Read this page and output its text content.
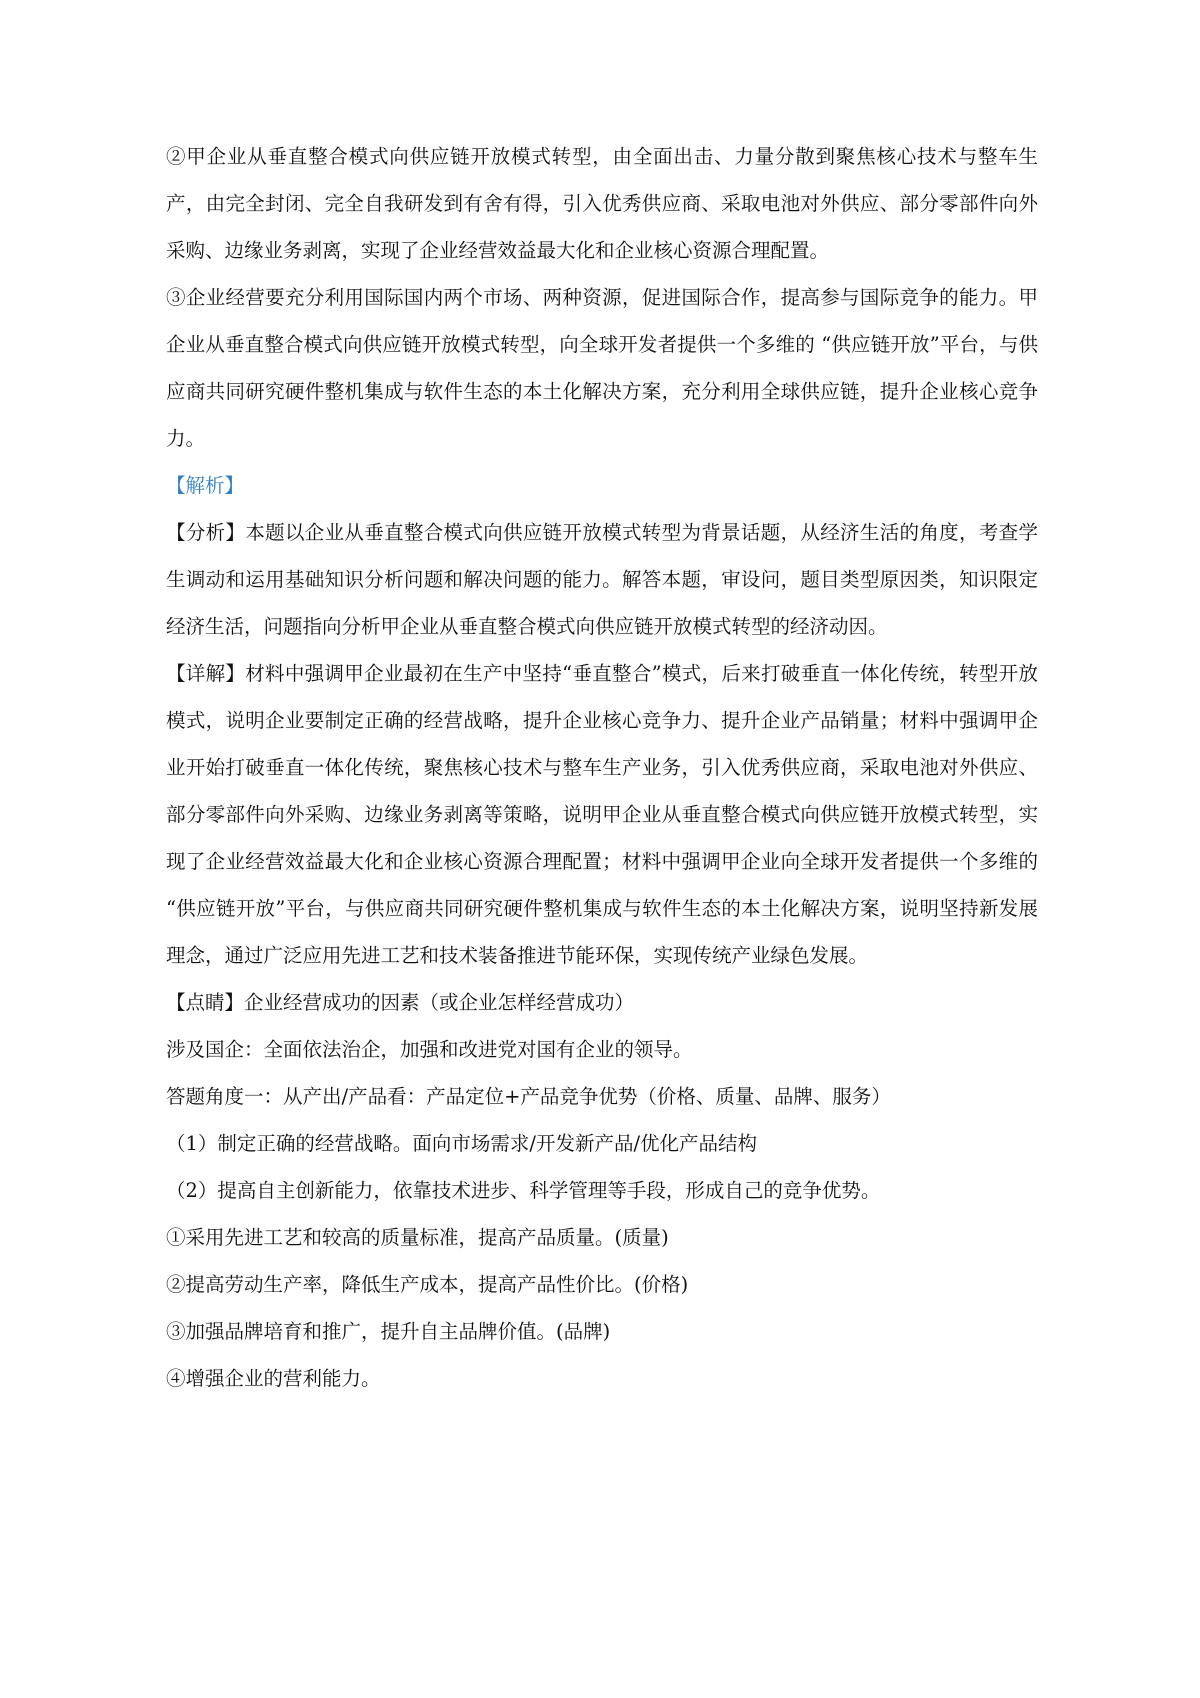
②甲企业从垂直整合模式向供应链开放模式转型，由全面出击、力量分散到聚焦核心技术与整车生产，由完全封闭、完全自我研发到有舍有得，引入优秀供应商、采取电池对外供应、部分零部件向外采购、边缘业务剥离，实现了企业经营效益最大化和企业核心资源合理配置。

③企业经营要充分利用国际国内两个市场、两种资源，促进国际合作，提高参与国际竞争的能力。甲企业从垂直整合模式向供应链开放模式转型，向全球开发者提供一个多维的 “供应链开放”平台，与供应商共同研究硬件整机集成与软件生态的本土化解决方案，充分利用全球供应链，提升企业核心竞争力。

【解析】

【分析】本题以企业从垂直整合模式向供应链开放模式转型为背景话题，从经济生活的角度，考查学生调动和运用基础知识分析问题和解决问题的能力。解答本题，审设问，题目类型原因类，知识限定经济生活，问题指向分析甲企业从垂直整合模式向供应链开放模式转型的经济动因。

【详解】材料中强调甲企业最初在生产中坚持“垂直整合”模式，后来打破垂直一体化传统，转型开放模式，说明企业要制定正确的经营战略，提升企业核心竞争力、提升企业产品销量；材料中强调甲企业开始打破垂直一体化传统，聚焦核心技术与整车生产业务，引入优秀供应商，采取电池对外供应、部分零部件向外采购、边缘业务剥离等策略，说明甲企业从垂直整合模式向供应链开放模式转型，实现了企业经营效益最大化和企业核心资源合理配置；材料中强调甲企业向全球开发者提供一个多维的 “供应链开放”平台，与供应商共同研究硬件整机集成与软件生态的本土化解决方案，说明坚持新发展理念，通过广泛应用先进工艺和技术装备推进节能环保，实现传统产业绿色发展。

【点睛】企业经营成功的因素（或企业怎样经营成功）

涉及国企：全面依法治企，加强和改进党对国有企业的领导。

答题角度一：从产出/产品看：产品定位+产品竞争优势（价格、质量、品牌、服务）

（1）制定正确的经营战略。面向市场需求/开发新产品/优化产品结构

（2）提高自主创新能力，依靠技术进步、科学管理等手段，形成自己的竞争优势。

①采用先进工艺和较高的质量标准，提高产品质量。(质量)

②提高劳动生产率，降低生产成本，提高产品性价比。(价格)

③加强品牌培育和推广，提升自主品牌价值。(品牌)

④增强企业的营利能力。
